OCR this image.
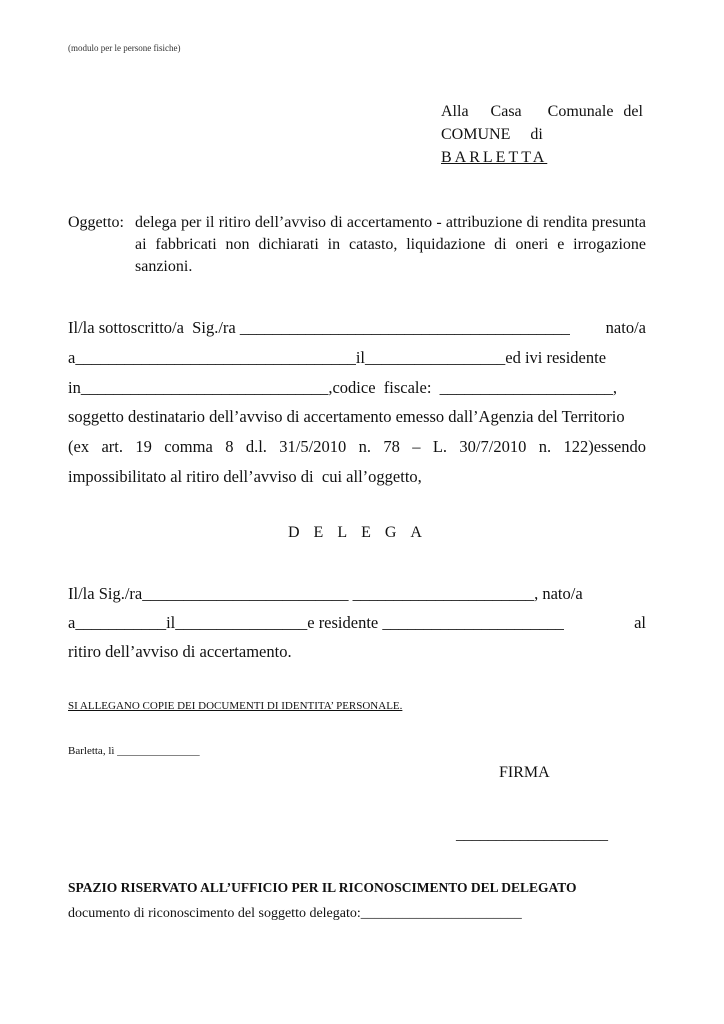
(modulo per le persone fisiche)
Alla Casa Comunale del
COMUNE di
BARLETTA
Oggetto: delega per il ritiro dell’avviso di accertamento - attribuzione di rendita presunta ai fabbricati non dichiarati in catasto, liquidazione di oneri e irrogazione sanzioni.
Il/la sottoscritto/a  Sig./ra ________________________________________ nato/a
a__________________________________il_________________ed ivi residente
in______________________________,codice  fiscale:  _____________________,
soggetto destinatario dell’avviso di accertamento emesso dall’Agenzia del Territorio
(ex art. 19 comma 8 d.l. 31/5/2010 n. 78 – L. 30/7/2010 n. 122)essendo
impossibilitato al ritiro dell’avviso di  cui all’oggetto,
DELEGA
Il/la Sig./ra_________________________ ______________________, nato/a
a___________il________________e residente ______________________	al
ritiro dell’avviso di accertamento.
SI ALLEGANO COPIE DEI DOCUMENTI DI IDENTITA’ PERSONALE.
Barletta, lì _______________
FIRMA
___________________
SPAZIO RISERVATO ALL’UFFICIO PER IL RICONOSCIMENTO DEL DELEGATO
documento di riconoscimento del soggetto delegato:_______________________
